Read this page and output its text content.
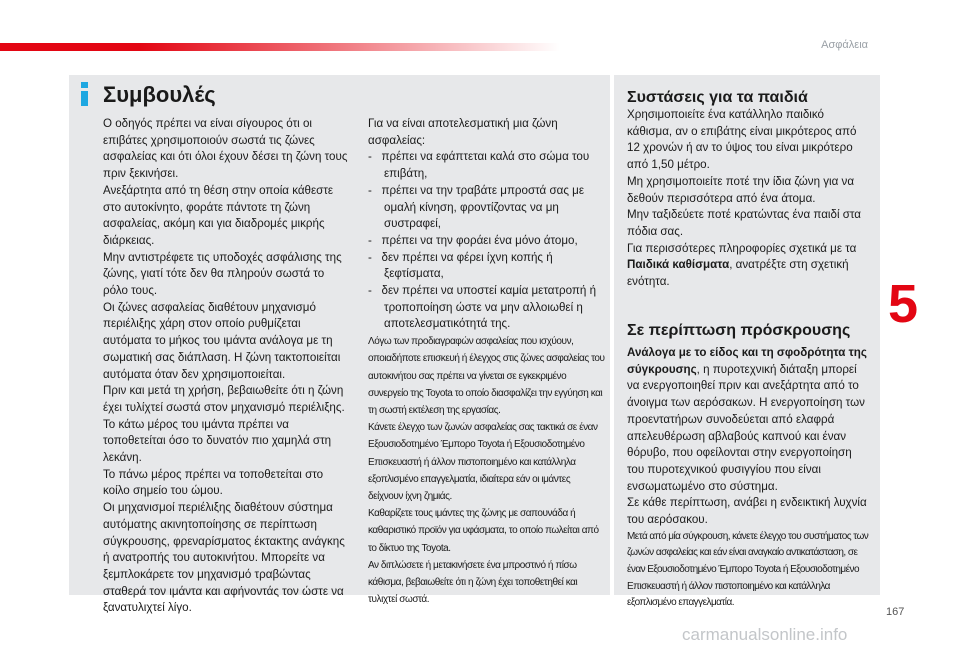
Ασφάλεια
Συμβουλές

Ο οδηγός πρέπει να είναι σίγουρος ότι οι επιβάτες χρησιμοποιούν σωστά τις ζώνες ασφαλείας και ότι όλοι έχουν δέσει τη ζώνη τους πριν ξεκινήσει.

Ανεξάρτητα από τη θέση στην οποία κάθεστε στο αυτοκίνητο, φοράτε πάντοτε τη ζώνη ασφαλείας, ακόμη και για διαδρομές μικρής διάρκειας.

Μην αντιστρέφετε τις υποδοχές ασφάλισης της ζώνης, γιατί τότε δεν θα πληρούν σωστά το ρόλο τους.

Οι ζώνες ασφαλείας διαθέτουν μηχανισμό περιέλιξης χάρη στον οποίο ρυθμίζεται αυτόματα το μήκος του ιμάντα ανάλογα με τη σωματική σας διάπλαση. Η ζώνη τακτοποιείται αυτόματα όταν δεν χρησιμοποιείται.

Πριν και μετά τη χρήση, βεβαιωθείτε ότι η ζώνη έχει τυλίχτεί σωστά στον μηχανισμό περιέλιξης.

Το κάτω μέρος του ιμάντα πρέπει να τοποθετείται όσο το δυνατόν πιο χαμηλά στη λεκάνη.

Το πάνω μέρος πρέπει να τοποθετείται στο κοίλο σημείο του ώμου.

Οι μηχανισμοί περιέλιξης διαθέτουν σύστημα αυτόματης ακινητοποίησης σε περίπτωση σύγκρουσης, φρεναρίσματος έκτακτης ανάγκης ή ανατροπής του αυτοκινήτου. Μπορείτε να ξεμπλοκάρετε τον μηχανισμό τραβώντας σταθερά τον ιμάντα και αφήνοντάς τον ώστε να ξανατυλιχτεί λίγο.

Για να είναι αποτελεσματική μια ζώνη ασφαλείας:

- πρέπει να εφάπτεται καλά στο σώμα του επιβάτη,
- πρέπει να την τραβάτε μπροστά σας με ομαλή κίνηση, φροντίζοντας να μη συστραφεί,
- πρέπει να την φοράει ένα μόνο άτομο,
- δεν πρέπει να φέρει ίχνη κοπής ή ξεφτίσματα,
- δεν πρέπει να υποστεί καμία μετατροπή ή τροποποίηση ώστε να μην αλλοιωθεί η αποτελεσματικότητά της.

Λόγω των προδιαγραφών ασφαλείας που ισχύουν, οποιαδήποτε επισκευή ή έλεγχος στις ζώνες ασφαλείας του αυτοκινήτου σας πρέπει να γίνεται σε εγκεκριμένο συνεργείο της Toyota το οποίο διασφαλίζει την εγγύηση και τη σωστή εκτέλεση της εργασίας.

Κάνετε έλεγχο των ζωνών ασφαλείας σας τακτικά σε έναν Εξουσιοδοτημένο Έμπορο Toyota ή Εξουσιοδοτημένο Επισκευαστή ή άλλον πιστοποιημένο και κατάλληλα εξοπλισμένο επαγγελματία, ιδιαίτερα εάν οι ιμάντες δείχνουν ίχνη ζημιάς.

Καθαρίζετε τους ιμάντες της ζώνης με σαπουνάδα ή καθαριστικό προϊόν για υφάσματα, το οποίο πωλείται από το δίκτυο της Toyota.

Αν διπλώσετε ή μετακινήσετε ένα μπροστινό ή πίσω κάθισμα, βεβαιωθείτε ότι η ζώνη έχει τοποθετηθεί και τυλιχτεί σωστά.

Συστάσεις για τα παιδιά

Χρησιμοποιείτε ένα κατάλληλο παιδικό κάθισμα, αν ο επιβάτης είναι μικρότερος από 12 χρονών ή αν το ύψος του είναι μικρότερο από 1,50 μέτρο.

Μη χρησιμοποιείτε ποτέ την ίδια ζώνη για να δεθούν περισσότερα από ένα άτομα.

Μην ταξιδεύετε ποτέ κρατώντας ένα παιδί στα πόδια σας.

Για περισσότερες πληροφορίες σχετικά με τα Παιδικά καθίσματα, ανατρέξτε στη σχετική ενότητα.

Σε περίπτωση πρόσκρουσης

Ανάλογα με το είδος και τη σφοδρότητα της σύγκρουσης, η πυροτεχνική διάταξη μπορεί να ενεργοποιηθεί πριν και ανεξάρτητα από το άνοιγμα των αερόσακων. Η ενεργοποίηση των προεντατήρων συνοδεύεται από ελαφρά απελευθέρωση αβλαβούς καπνού και έναν θόρυβο, που οφείλονται στην ενεργοποίηση του πυροτεχνικού φυσιγγίου που είναι ενσωματωμένο στο σύστημα.

Σε κάθε περίπτωση, ανάβει η ενδεικτική λυχνία του αερόσακου.

Μετά από μία σύγκρουση, κάνετε έλεγχο του συστήματος των ζωνών ασφαλείας και εάν είναι αναγκαίο αντικατάσταση, σε έναν Εξουσιοδοτημένο Έμπορο Toyota ή Εξουσιοδοτημένο Επισκευαστή ή άλλον πιστοποιημένο και κατάλληλα εξοπλισμένο επαγγελματία.

5
167
carmanualsonline.info
